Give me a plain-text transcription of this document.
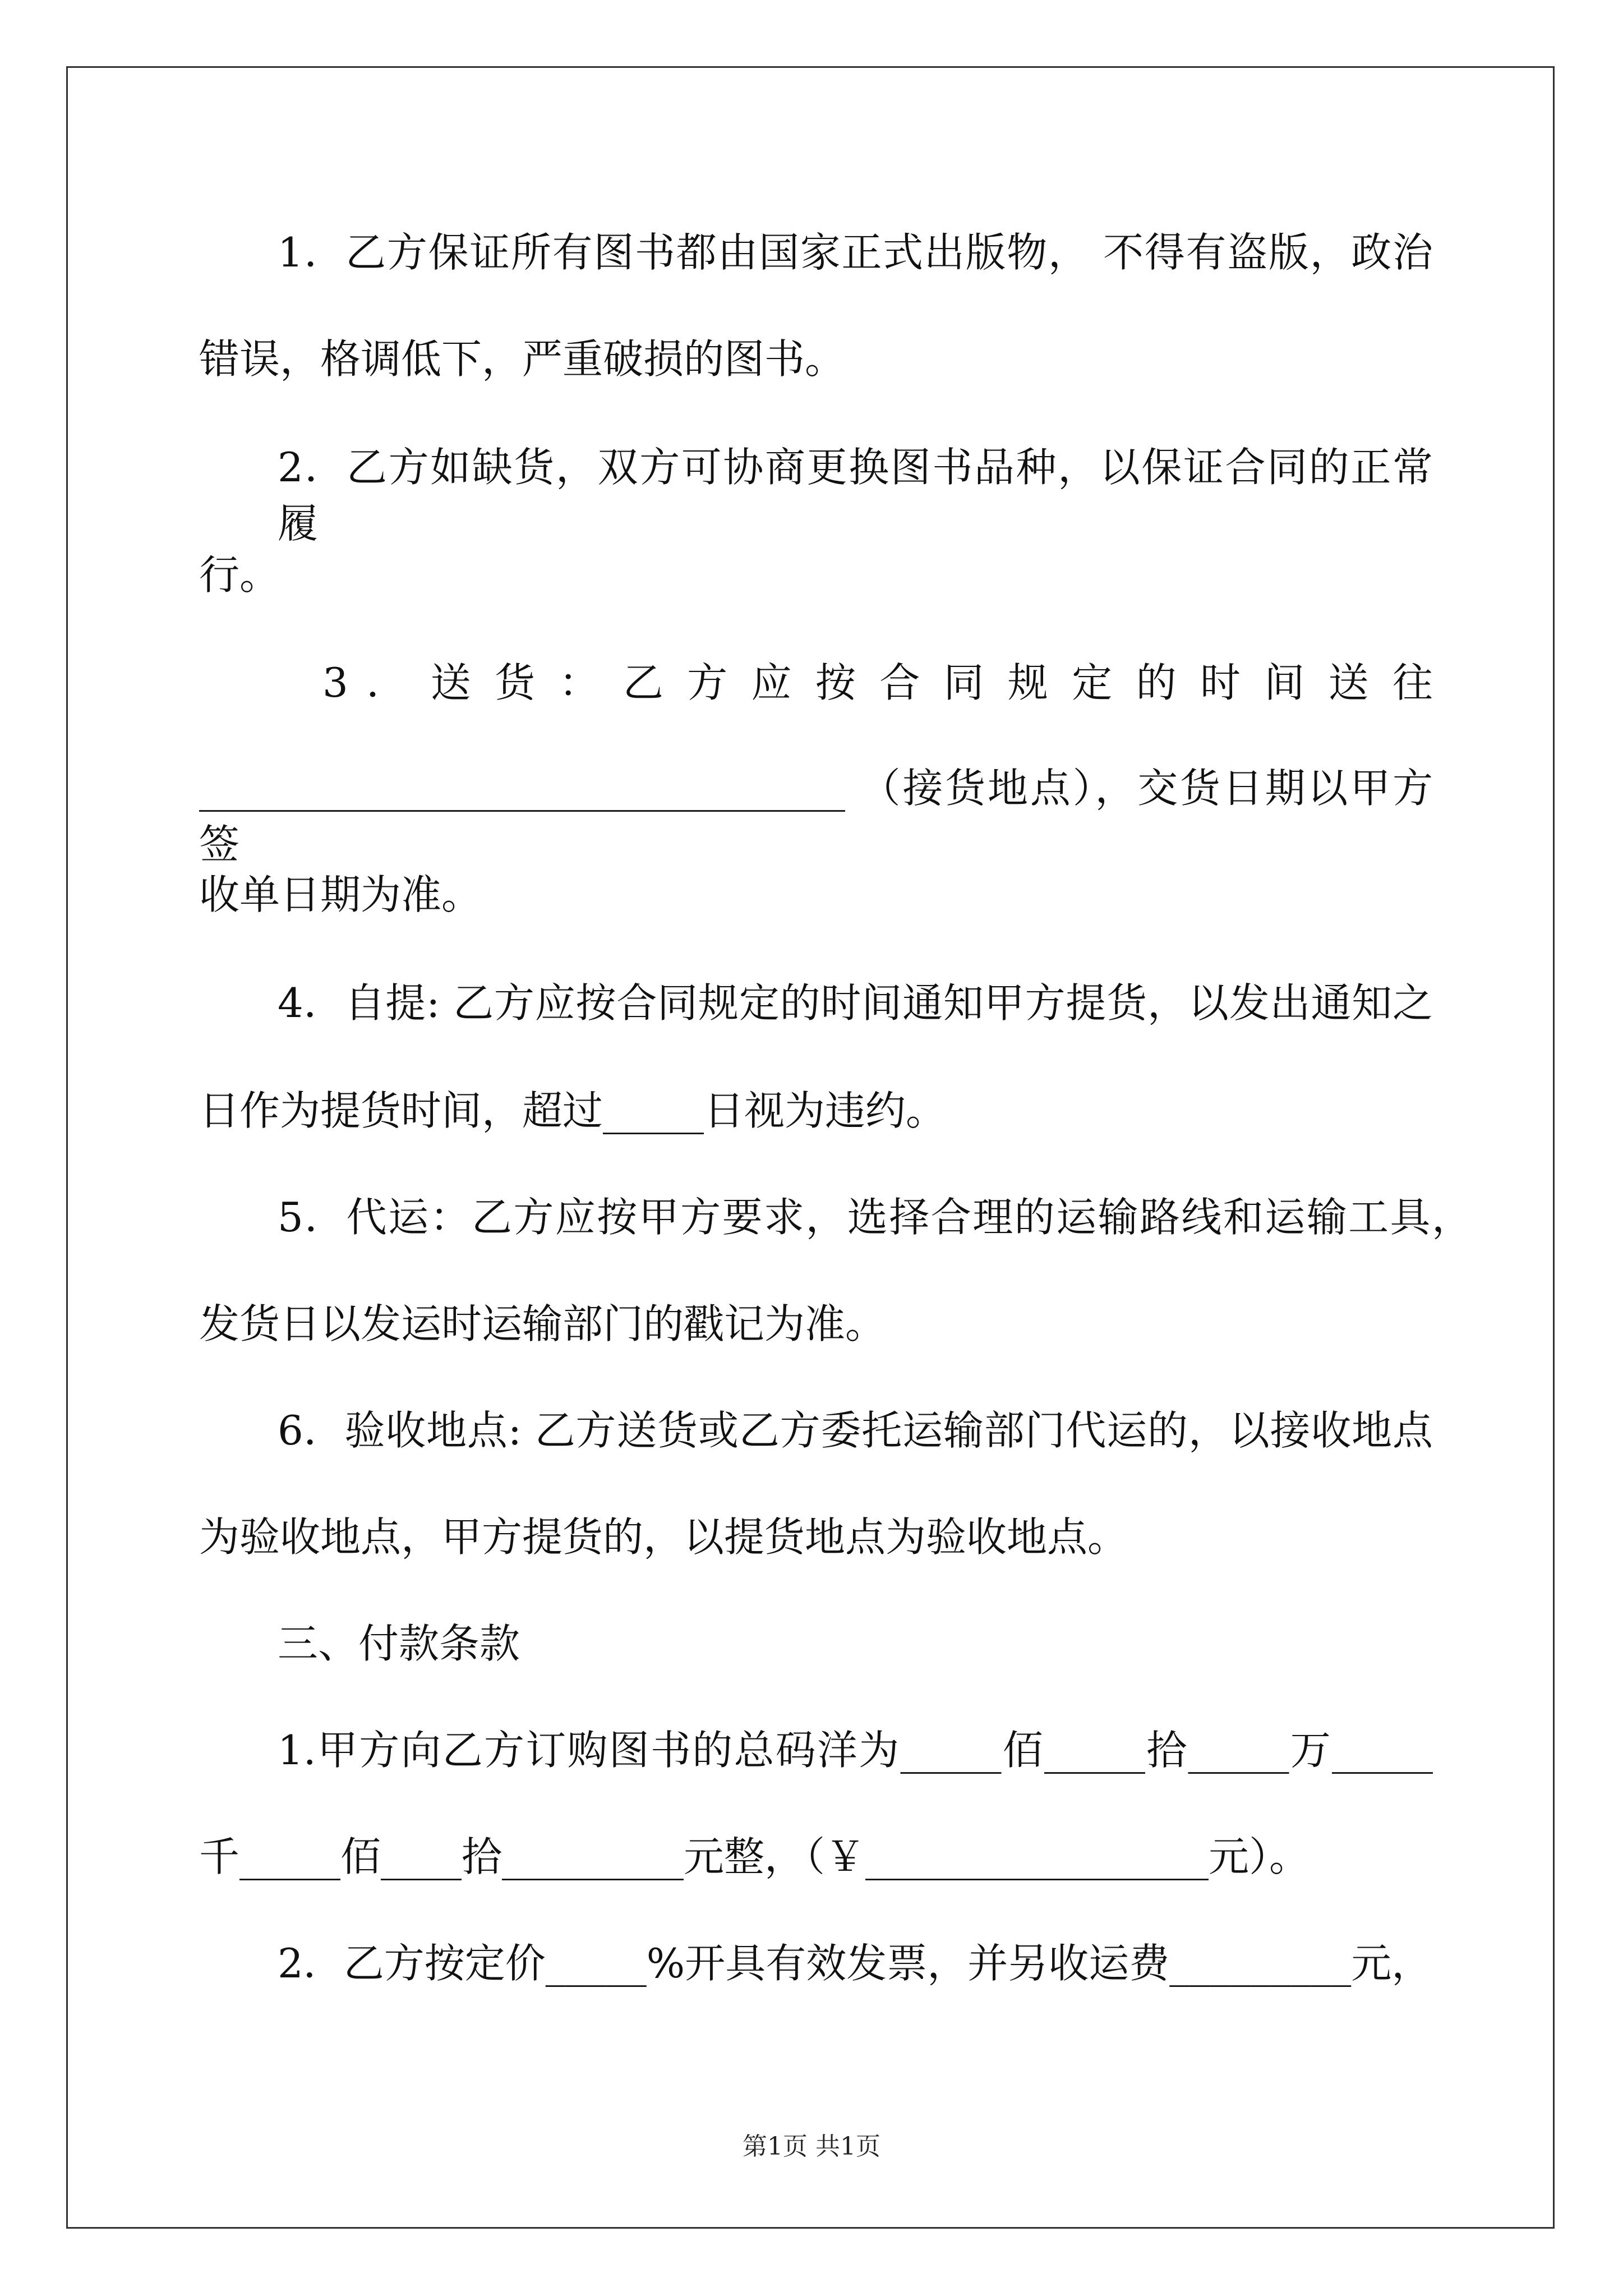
1．乙方保证所有图书都由国家正式出版物， 不得有盗版，政治
错误，格调低下，严重破损的图书。
2．乙方如缺货，双方可协商更换图书品种，以保证合同的正常履
行。
3 ． 送 货 ： 乙 方 应 按 合 同 规 定 的 时 间 送 往
________________________________ （接货地点），交货日期以甲方签
收单日期为准。
4．自提: 乙方应按合同规定的时间通知甲方提货，以发出通知之
日作为提货时间，超过_____日视为违约。
5．代运：乙方应按甲方要求，选择合理的运输路线和运输工具，
发货日以发运时运输部门的戳记为准。
6．验收地点: 乙方送货或乙方委托运输部门代运的，以接收地点
为验收地点，甲方提货的，以提货地点为验收地点。
三、付款条款
1.甲方向乙方订购图书的总码洋为_____佰_____拾_____万_____
千_____佰____拾_________元整，（￥_________________元）。
2．乙方按定价_____%开具有效发票，并另收运费_________元，
第1页 共1页
